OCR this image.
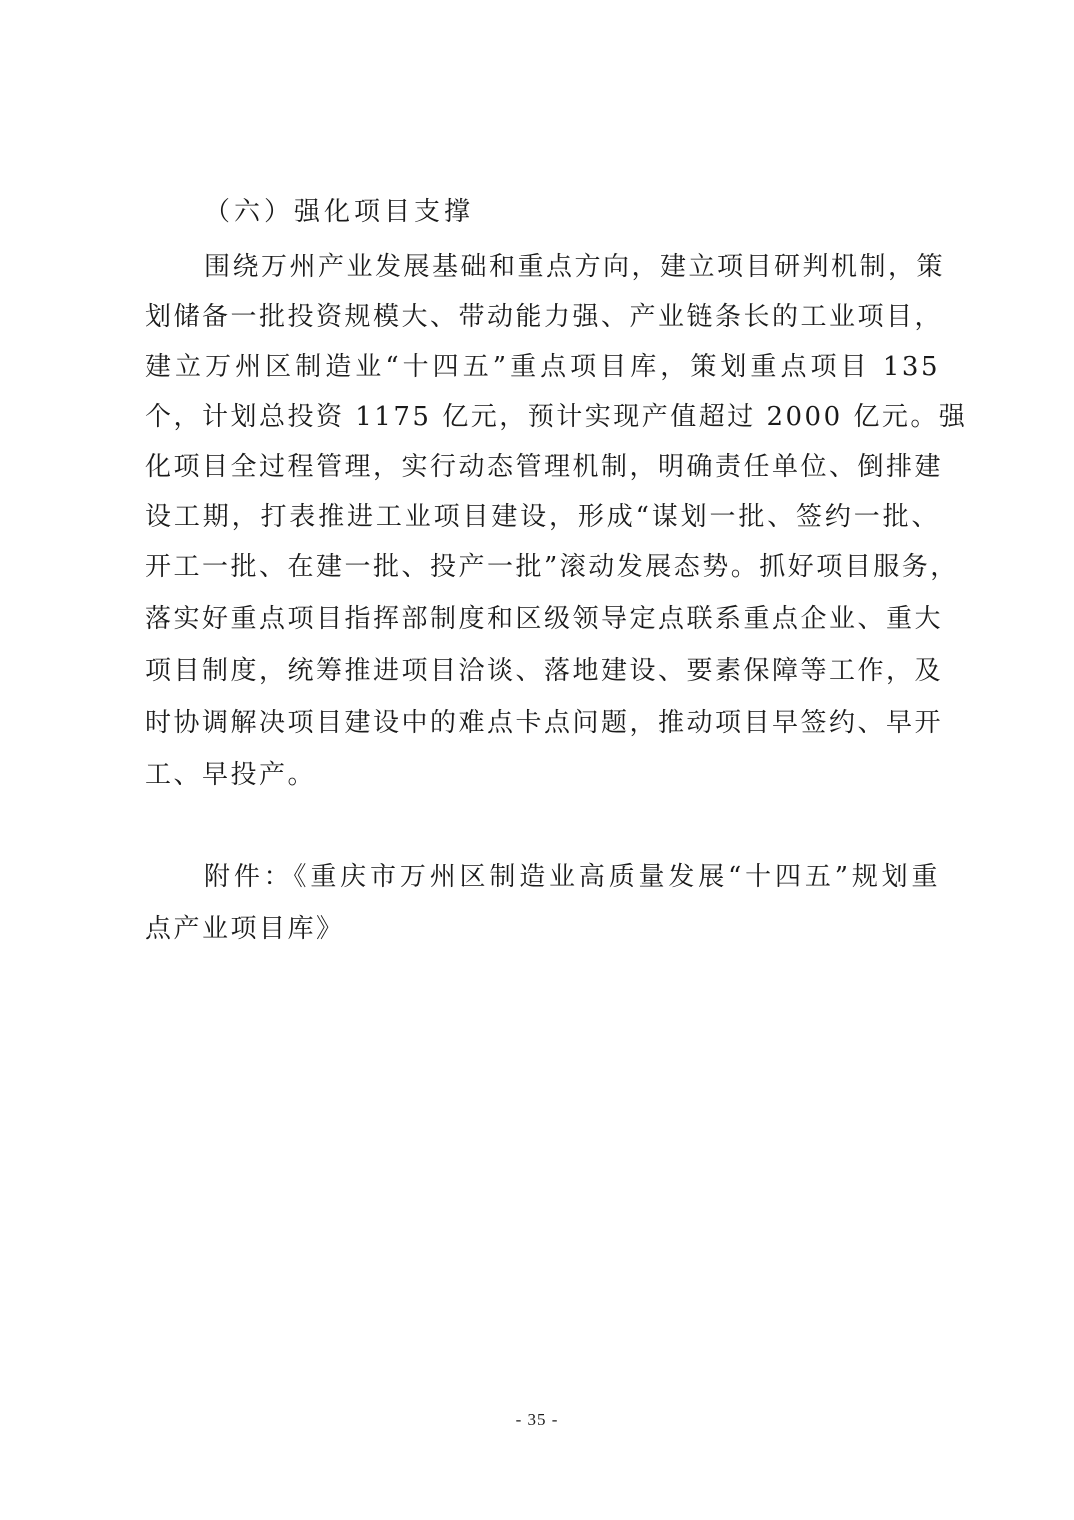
（六）强化项目支撑
围绕万州产业发展基础和重点方向，建立项目研判机制，策
划储备一批投资规模大、带动能力强、产业链条长的工业项目，
建立万州区制造业“十四五”重点项目库，策划重点项目 135
个，计划总投资 1175 亿元，预计实现产值超过 2000 亿元。强
化项目全过程管理，实行动态管理机制，明确责任单位、倒排建
设工期，打表推进工业项目建设，形成“谋划一批、签约一批、
开工一批、在建一批、投产一批”滚动发展态势。抓好项目服务，
落实好重点项目指挥部制度和区级领导定点联系重点企业、重大
项目制度，统筹推进项目洽谈、落地建设、要素保障等工作，及
时协调解决项目建设中的难点卡点问题，推动项目早签约、早开
工、早投产。
附件：《重庆市万州区制造业高质量发展“十四五”规划重
点产业项目库》
- 35 -
